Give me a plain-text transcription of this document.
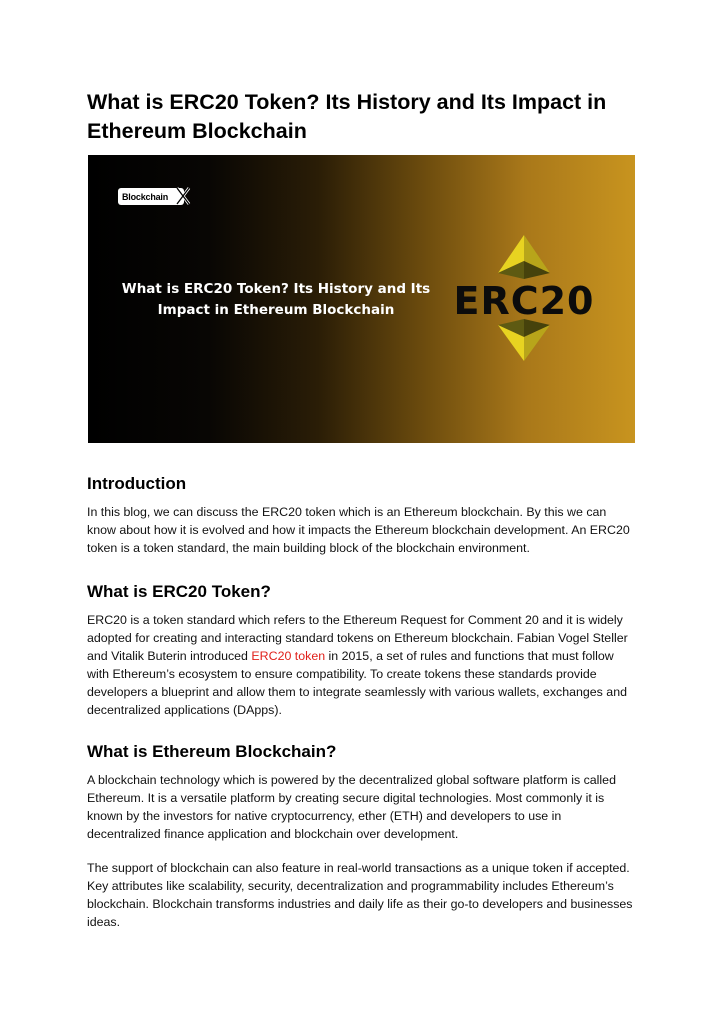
What is ERC20 Token? Its History and Its Impact in Ethereum Blockchain
Blockchain
What is ERC20 Token? Its History and Its Impact in Ethereum Blockchain	ERC20
Introduction

In this blog, we can discuss the ERC20 token which is an Ethereum blockchain. By this we can know about how it is evolved and how it impacts the Ethereum blockchain development. An ERC20 token is a token standard, the main building block of the blockchain environment.

What is ERC20 Token?

ERC20 is a token standard which refers to the Ethereum Request for Comment 20 and it is widely adopted for creating and interacting standard tokens on Ethereum blockchain. Fabian Vogel Steller and Vitalik Buterin introduced ERC20 token in 2015, a set of rules and functions that must follow with Ethereum’s ecosystem to ensure compatibility. To create tokens these standards provide developers a blueprint and allow them to integrate seamlessly with various wallets, exchanges and decentralized applications (DApps).

What is Ethereum Blockchain?

A blockchain technology which is powered by the decentralized global software platform is called Ethereum. It is a versatile platform by creating secure digital technologies. Most commonly it is known by the investors for native cryptocurrency, ether (ETH) and developers to use in decentralized finance application and blockchain over development.

The support of blockchain can also feature in real-world transactions as a unique token if accepted. Key attributes like scalability, security, decentralization and programmability includes Ethereum’s blockchain. Blockchain transforms industries and daily life as their go-to developers and businesses ideas.
